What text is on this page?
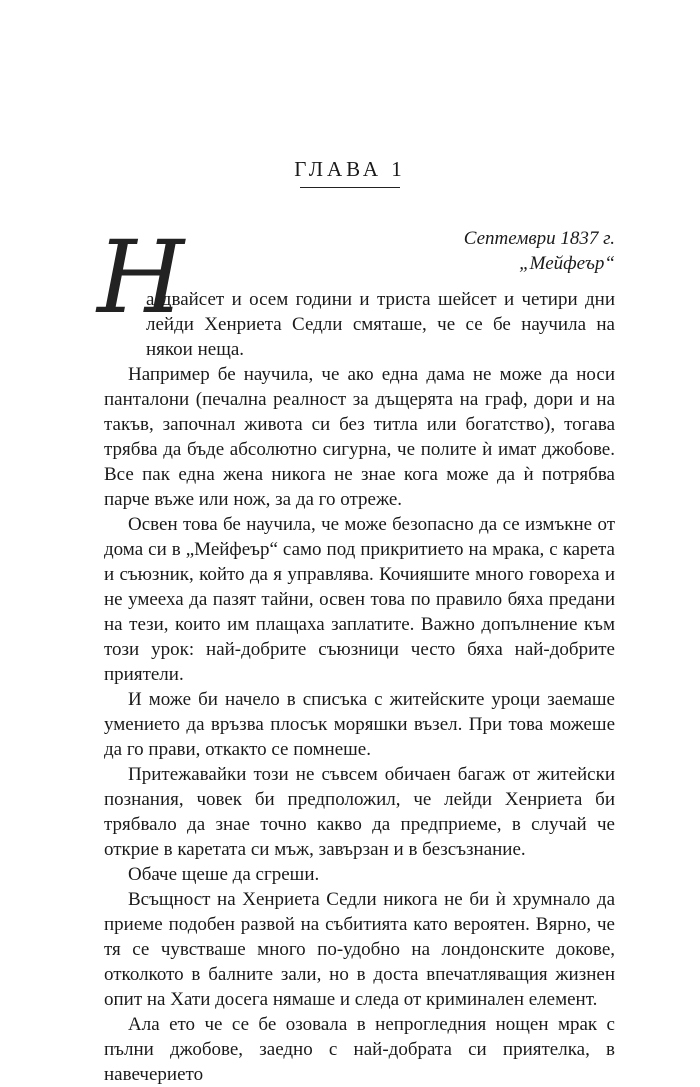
ГЛАВА 1
Септември 1837 г.
„Мейфеър“
Н
а двайсет и осем години и триста шейсет и четири дни лейди Хенриета Седли смяташе, че се бе научила на някои неща.

Например бе научила, че ако една дама не може да носи панталони (печална реалност за дъщерята на граф, дори и на такъв, започнал живота си без титла или богатство), тогава трябва да бъде абсолютно сигурна, че полите ѝ имат джобове. Все пак една жена никога не знае кога може да ѝ потрябва парче въже или нож, за да го отреже.

Освен това бе научила, че може безопасно да се измъкне от дома си в „Мейфеър“ само под прикритието на мрака, с карета и съюзник, който да я управлява. Кочияшите много говореха и не умееха да пазят тайни, освен това по правило бяха предани на тези, които им плащаха заплатите. Важно допълнение към този урок: най-добрите съюзници често бяха най-добрите приятели.

И може би начело в списъка с житейските уроци заемаше умението да връзва плосък моряшки възел. При това можеше да го прави, откакто се помнеше.

Притежавайки този не съвсем обичаен багаж от житейски познания, човек би предположил, че лейди Хенриета би трябвало да знае точно какво да предприеме, в случай че открие в каретата си мъж, завързан и в безсъзнание.

Обаче щеше да сгреши.

Всъщност на Хенриета Седли никога не би ѝ хрумнало да приеме подобен развой на събитията като вероятен. Вярно, че тя се чувстваше много по-удобно на лондонските докове, отколкото в балните зали, но в доста впечатляващия жизнен опит на Хати досега нямаше и следа от криминален елемент.

Ала ето че се бе озовала в непрогледния нощен мрак с пълни джобове, заедно с най-добрата си приятелка, в навечерието
